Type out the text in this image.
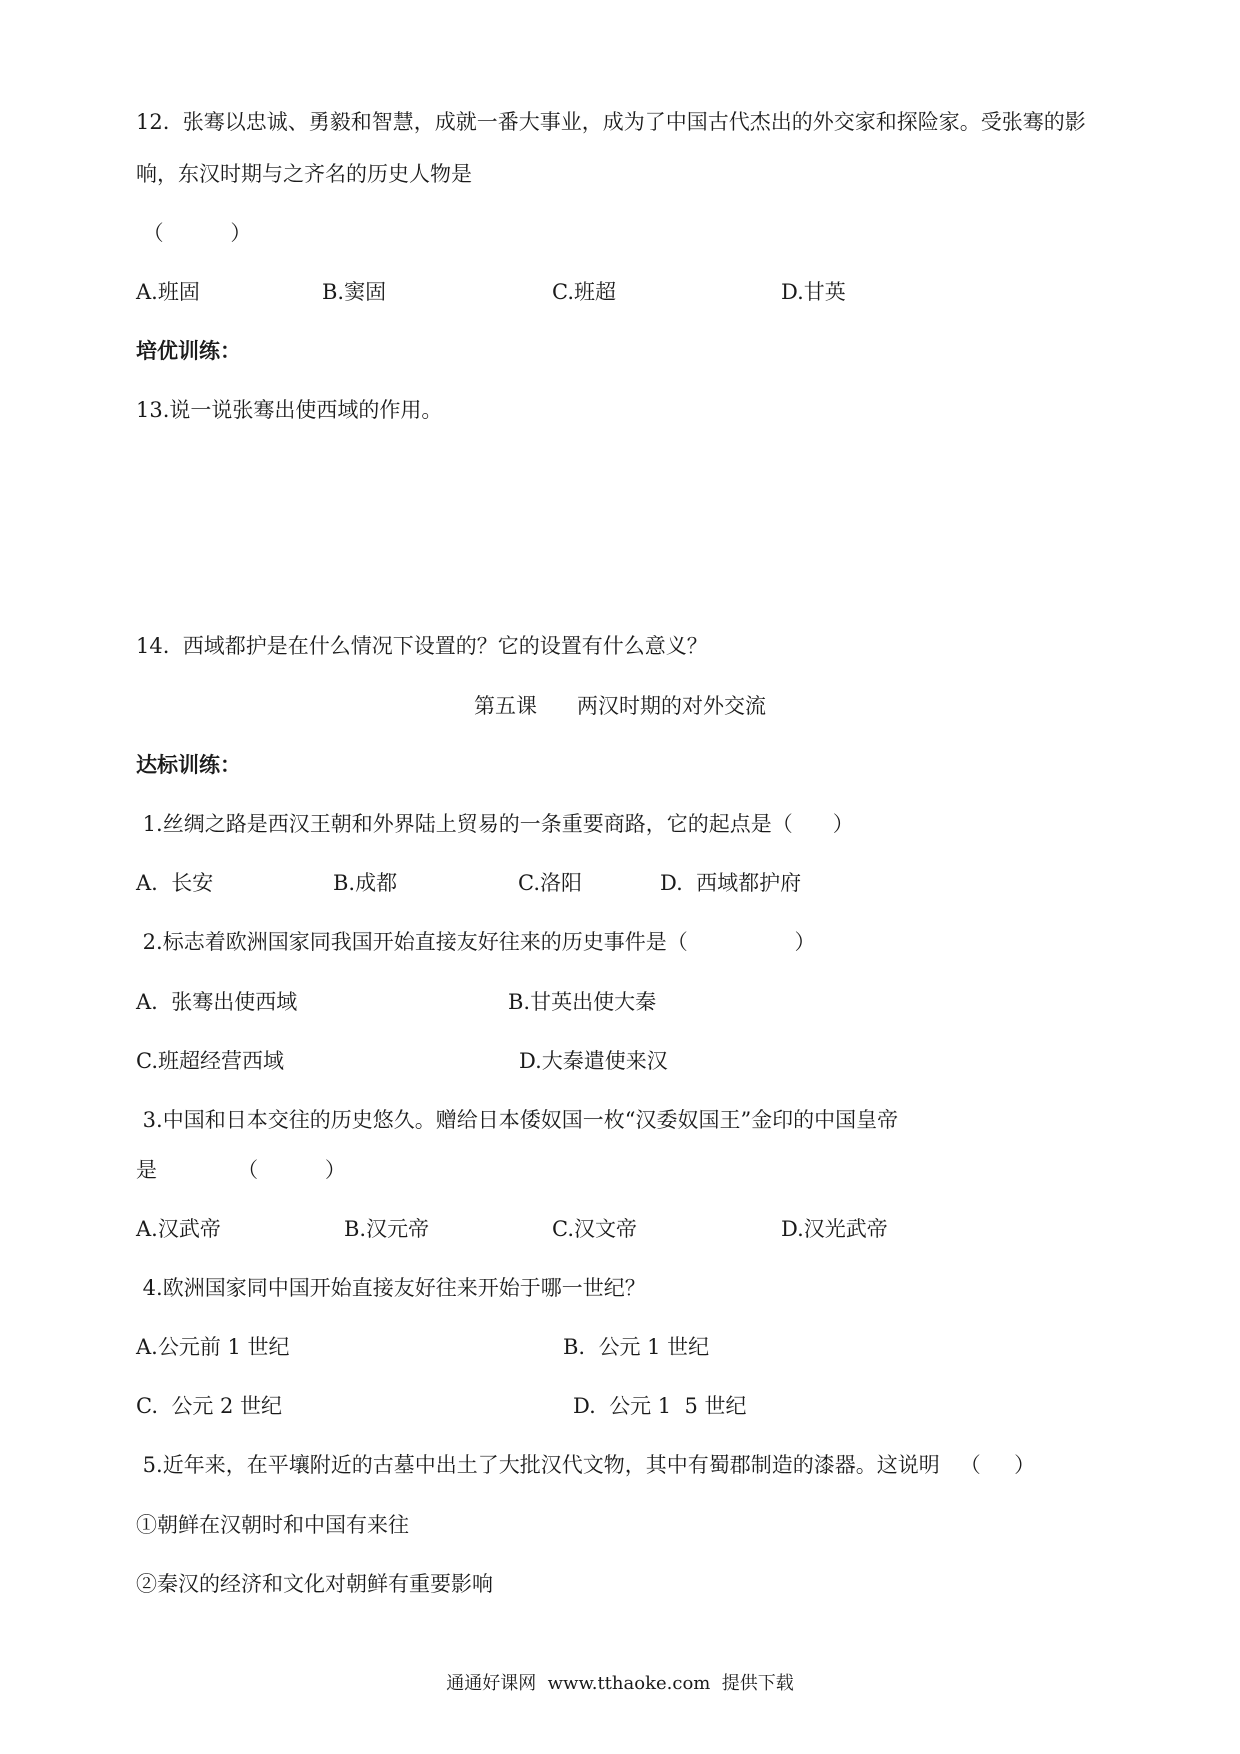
12.  张骞以忠诚、勇毅和智慧，成就一番大事业，成为了中国古代杰出的外交家和探险家。受张骞的影

响，东汉时期与之齐名的历史人物是

（          ）

A.班固	B.窦固	C.班超	D.甘英

培优训练：

13.说一说张骞出使西域的作用。

14.  西域都护是在什么情况下设置的？它的设置有什么意义？

第五课      两汉时期的对外交流

达标训练：

1.丝绸之路是西汉王朝和外界陆上贸易的一条重要商路，它的起点是（      ）

A.  长安	B.成都	C.洛阳	D.  西域都护府

2.标志着欧洲国家同我国开始直接友好往来的历史事件是（                ）

A.  张骞出使西域	B.甘英出使大秦

C.班超经营西域	D.大秦遣使来汉

3.中国和日本交往的历史悠久。赠给日本倭奴国一枚“汉委奴国王”金印的中国皇帝

是            （          ）

A.汉武帝	B.汉元帝	C.汉文帝	D.汉光武帝

4.欧洲国家同中国开始直接友好往来开始于哪一世纪？

A.公元前 1 世纪	B.  公元 1 世纪

C.  公元 2 世纪	D.  公元 1  5 世纪

5.近年来，在平壤附近的古墓中出土了大批汉代文物，其中有蜀郡制造的漆器。这说明   （     ）

①朝鲜在汉朝时和中国有来往

②秦汉的经济和文化对朝鲜有重要影响

通通好课网  www.tthaoke.com  提供下载
